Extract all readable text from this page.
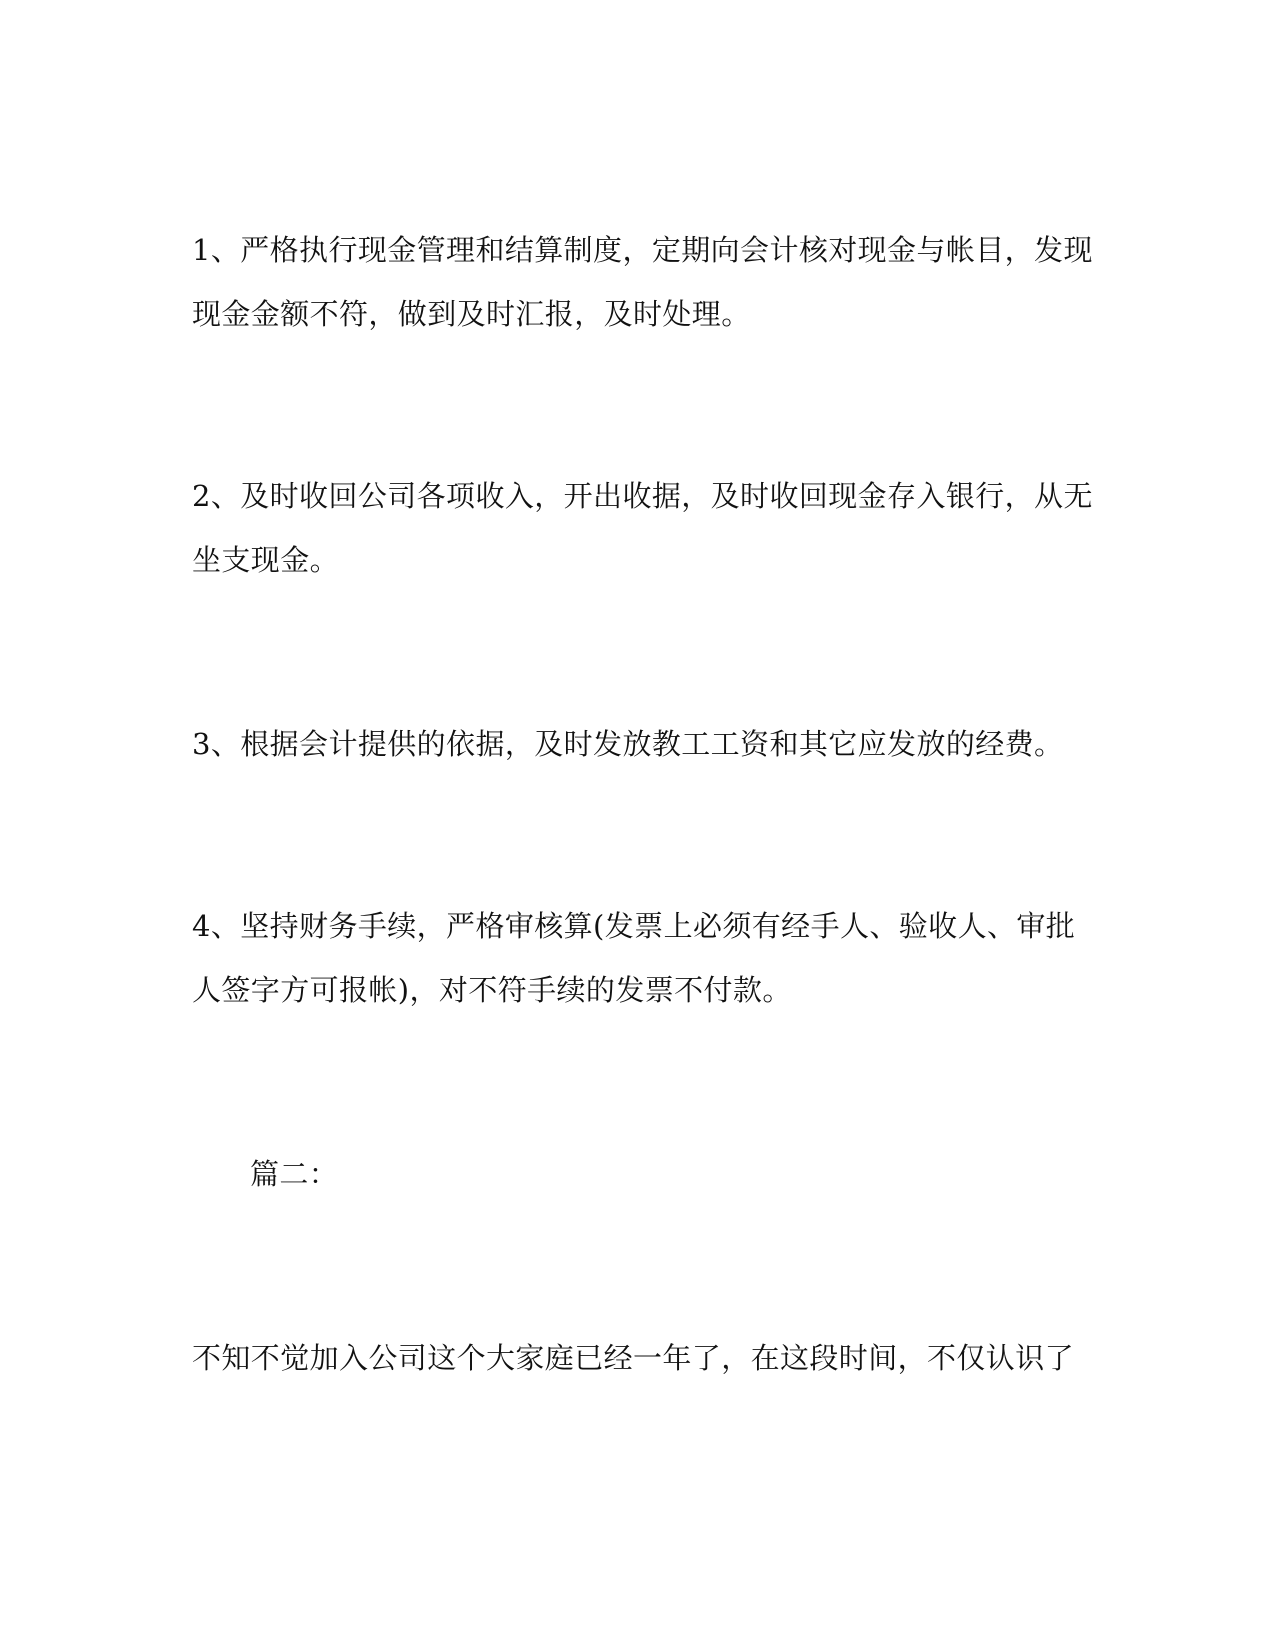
1、严格执行现金管理和结算制度，定期向会计核对现金与帐目，发现
现金金额不符，做到及时汇报，及时处理。
2、及时收回公司各项收入，开出收据，及时收回现金存入银行，从无
坐支现金。
3、根据会计提供的依据，及时发放教工工资和其它应发放的经费。
4、坚持财务手续，严格审核算(发票上必须有经手人、验收人、审批
人签字方可报帐)，对不符手续的发票不付款。
篇二：
不知不觉加入公司这个大家庭已经一年了，在这段时间，不仅认识了
